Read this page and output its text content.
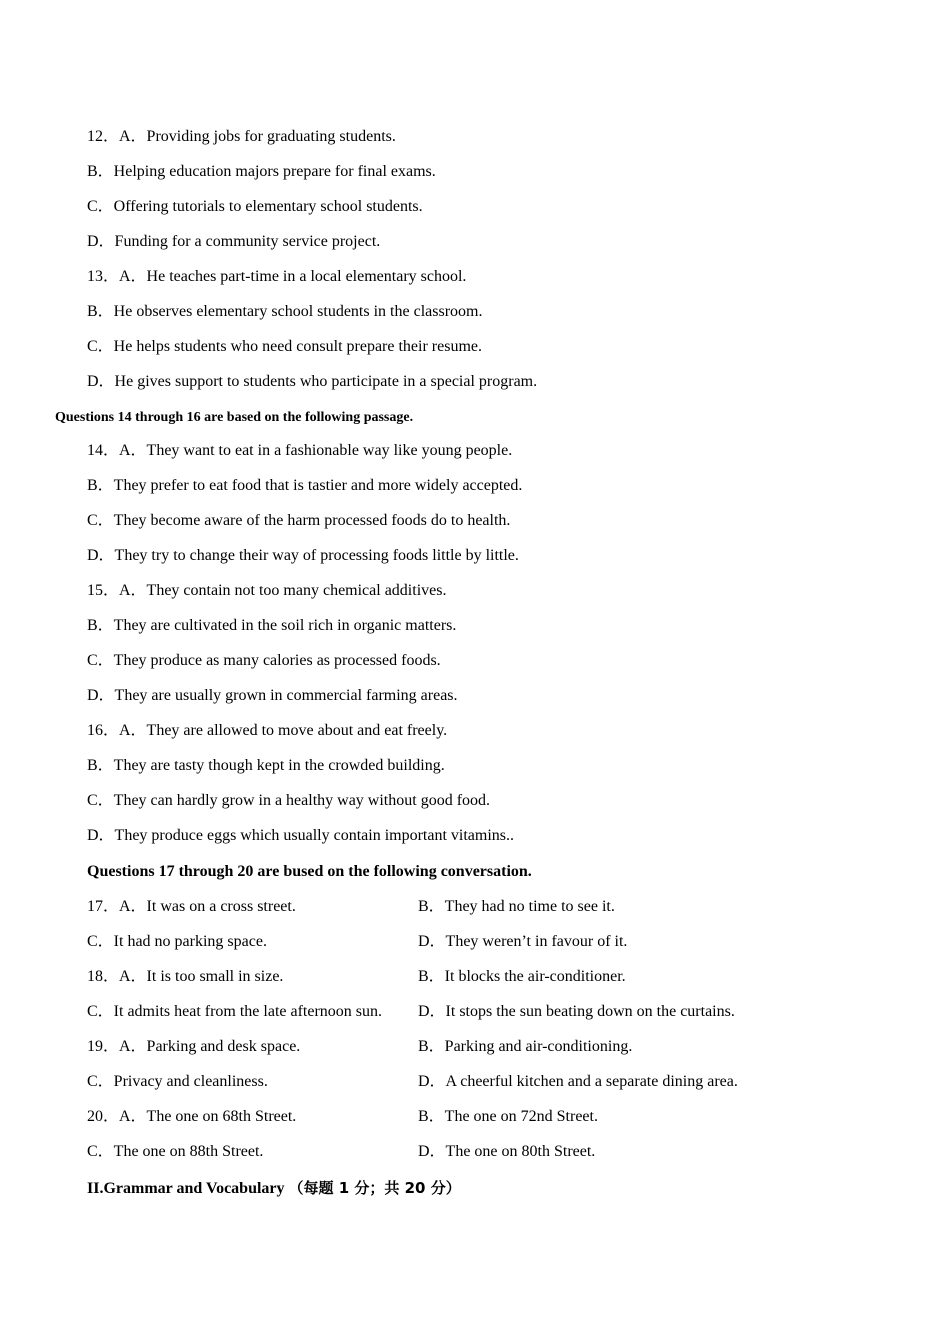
12．A．Providing jobs for graduating students.
B．Helping education majors prepare for final exams.
C．Offering tutorials to elementary school students.
D．Funding for a community service project.
13．A．He teaches part-time in a local elementary school.
B．He observes elementary school students in the classroom.
C．He helps students who need consult prepare their resume.
D．He gives support to students who participate in a special program.
Questions 14 through 16 are based on the following passage.
14．A．They want to eat in a fashionable way like young people.
B．They prefer to eat food that is tastier and more widely accepted.
C．They become aware of the harm processed foods do to health.
D．They try to change their way of processing foods little by little.
15．A．They contain not too many chemical additives.
B．They are cultivated in the soil rich in organic matters.
C．They produce as many calories as processed foods.
D．They are usually grown in commercial farming areas.
16．A．They are allowed to move about and eat freely.
B．They are tasty though kept in the crowded building.
C．They can hardly grow in a healthy way without good food.
D．They produce eggs which usually contain important vitamins..
Questions 17 through 20 are bused on the following conversation.
17．A．It was on a cross street.	B．They had no time to see it.
C．It had no parking space.	D．They weren’t in favour of it.
18．A．It is too small in size.	B．It blocks the air-conditioner.
C．It admits heat from the late afternoon sun. D．It stops the sun beating down on the curtains.
19．A．Parking and desk space.	B．Parking and air-conditioning.
C．Privacy and cleanliness.	D．A cheerful kitchen and a separate dining area.
20．A．The one on 68th Street.	B．The one on 72nd Street.
C．The one on 88th Street.	D．The one on 80th Street.
II.Grammar and Vocabulary （每题 1 分；共 20 分）
